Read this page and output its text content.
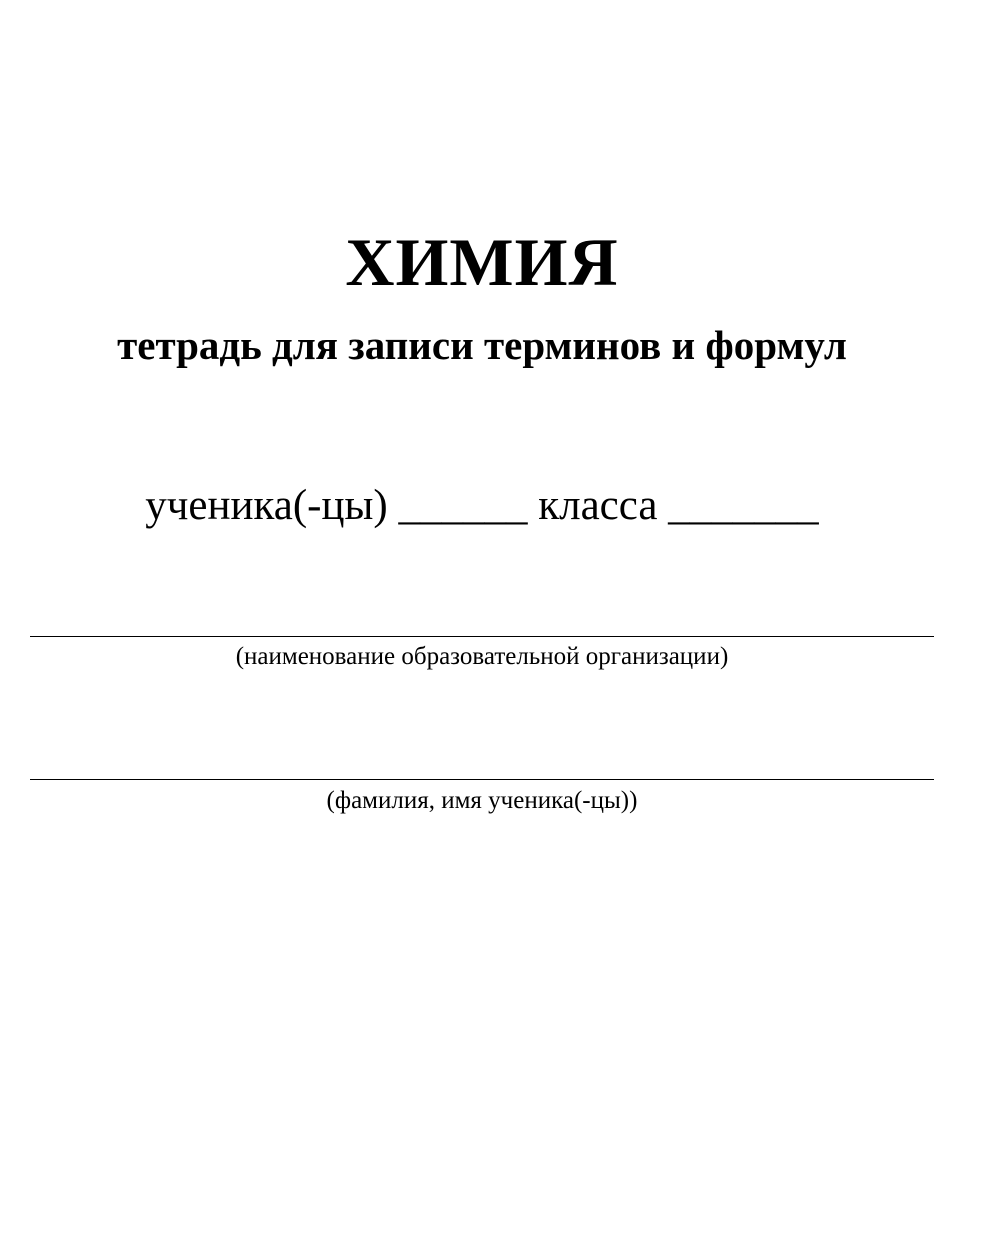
ХИМИЯ
тетрадь для записи терминов и формул
ученика(-цы) ______ класса _______
(наименование образовательной организации)
(фамилия, имя ученика(-цы))
